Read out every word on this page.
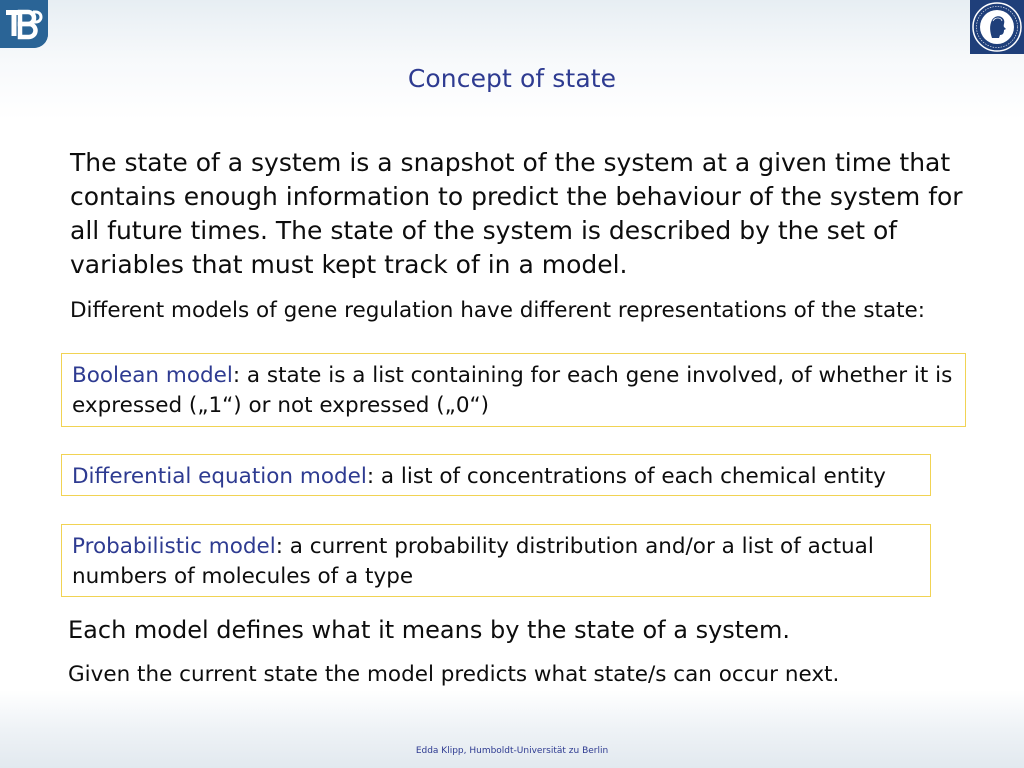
Concept of state
The state of a system is a snapshot of the system at a given time that contains enough information to predict the behaviour of the system for all future times. The state of the system is described by the set of variables that must kept track of in a model.
Different models of gene regulation have different representations of the state:
Boolean model: a state is a list containing for each gene involved, of whether it is expressed („1“) or not expressed („0“)
Differential equation model: a list of concentrations of each chemical entity
Probabilistic model: a current probability distribution and/or a list of actual numbers of molecules of a type
Each model defines what it means by the state of a system.
Given the current state the model predicts what state/s can occur next.
Edda Klipp, Humboldt-Universität zu Berlin
